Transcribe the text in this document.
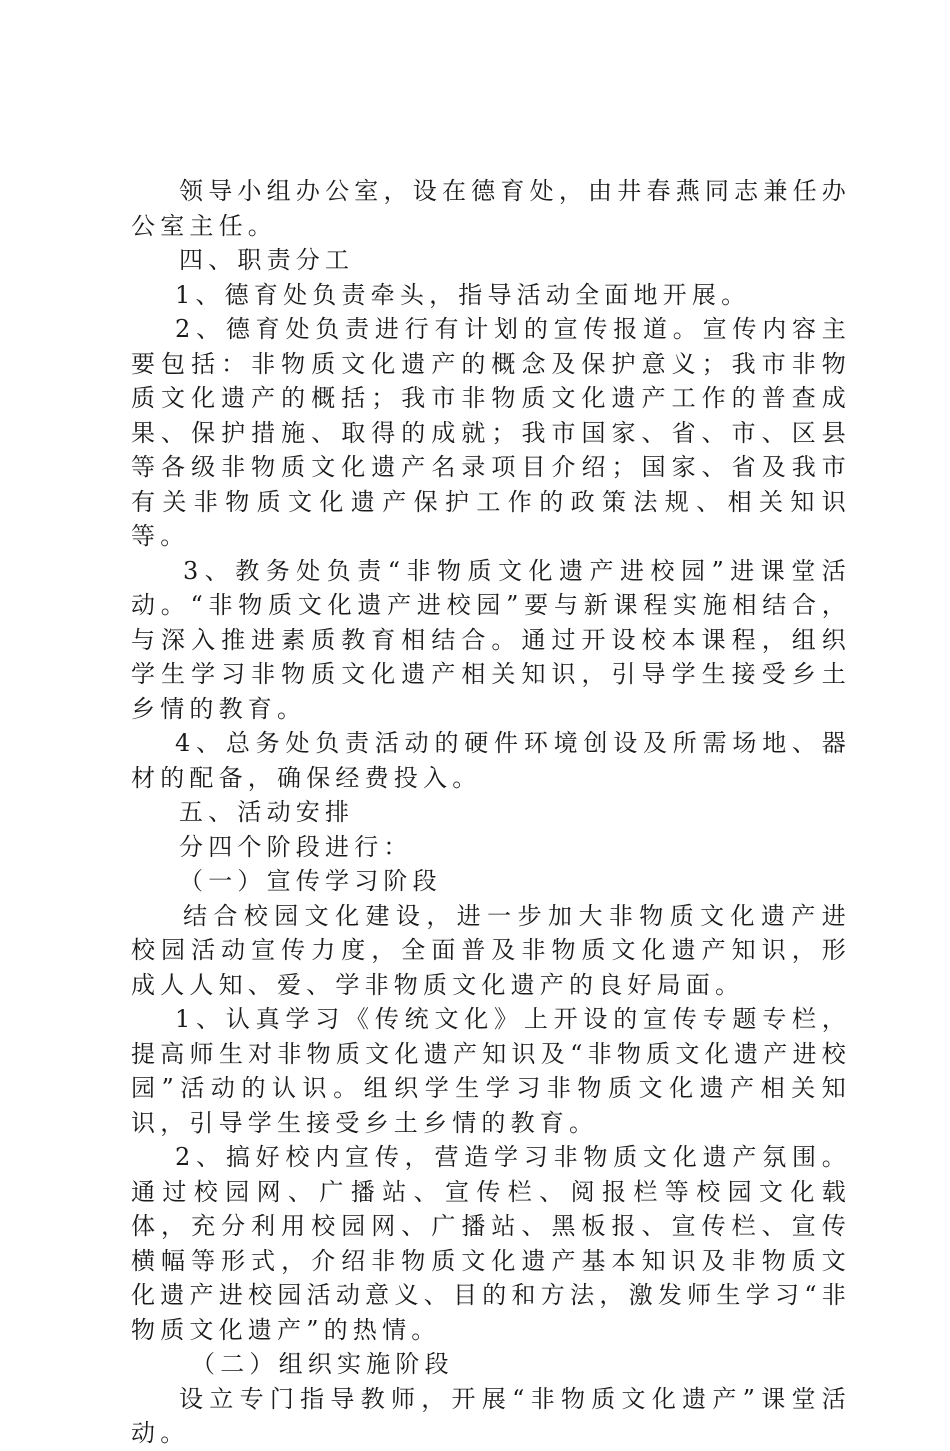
领导小组办公室，设在德育处，由井春燕同志兼任办公室主任。

四、职责分工

1、德育处负责牵头，指导活动全面地开展。

2、德育处负责进行有计划的宣传报道。宣传内容主要包括：非物质文化遗产的概念及保护意义；我市非物质文化遗产的概括；我市非物质文化遗产工作的普查成果、保护措施、取得的成就；我市国家、省、市、区县等各级非物质文化遗产名录项目介绍；国家、省及我市有关非物质文化遗产保护工作的政策法规、相关知识等。

3、教务处负责“非物质文化遗产进校园”进课堂活动。“非物质文化遗产进校园”要与新课程实施相结合，与深入推进素质教育相结合。通过开设校本课程，组织学生学习非物质文化遗产相关知识，引导学生接受乡土乡情的教育。

4、总务处负责活动的硬件环境创设及所需场地、器材的配备，确保经费投入。

五、活动安排

分四个阶段进行：

（一）宣传学习阶段

结合校园文化建设，进一步加大非物质文化遗产进校园活动宣传力度，全面普及非物质文化遗产知识，形成人人知、爱、学非物质文化遗产的良好局面。

1、认真学习《传统文化》上开设的宣传专题专栏，提高师生对非物质文化遗产知识及“非物质文化遗产进校园”活动的认识。组织学生学习非物质文化遗产相关知识，引导学生接受乡土乡情的教育。

2、搞好校内宣传，营造学习非物质文化遗产氛围。通过校园网、广播站、宣传栏、阅报栏等校园文化载体，充分利用校园网、广播站、黑板报、宣传栏、宣传横幅等形式，介绍非物质文化遗产基本知识及非物质文化遗产进校园活动意义、目的和方法，激发师生学习“非物质文化遗产”的热情。

（二）组织实施阶段

设立专门指导教师，开展“非物质文化遗产”课堂活动。
